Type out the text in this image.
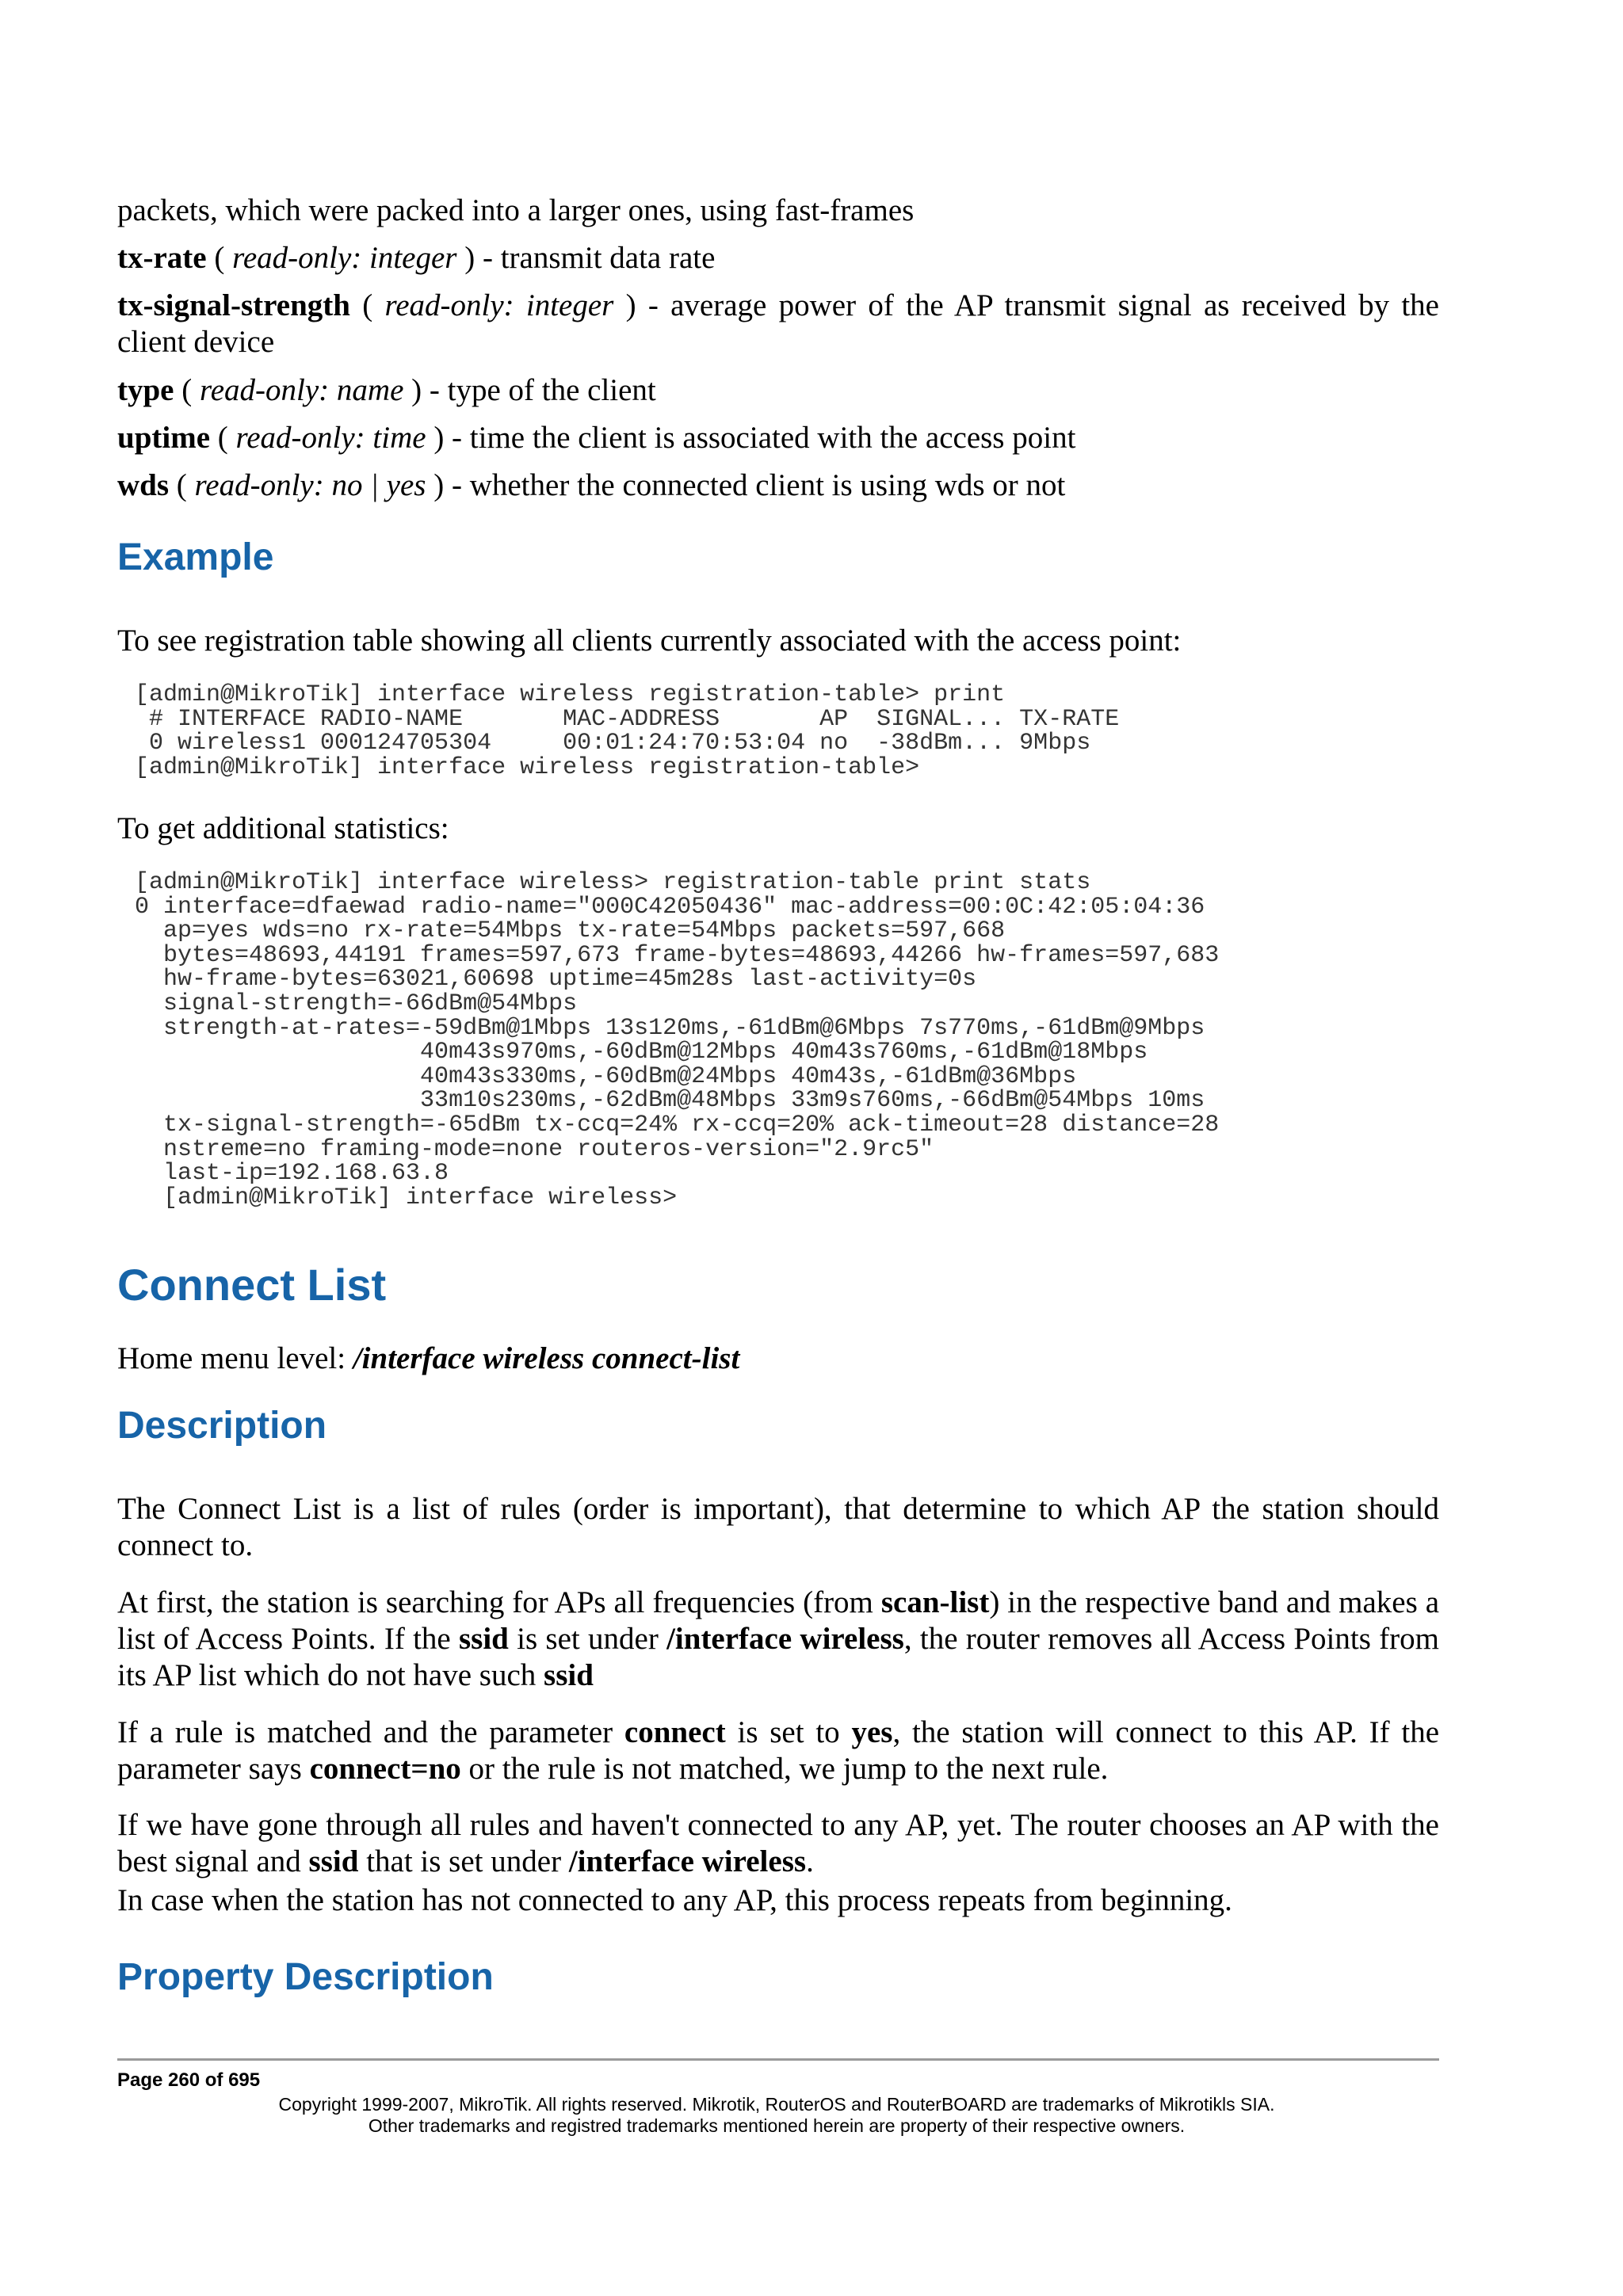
packets, which were packed into a larger ones, using fast-frames

tx-rate ( read-only: integer ) - transmit data rate

tx-signal-strength ( read-only: integer ) - average power of the AP transmit signal as received by the client device

type ( read-only: name ) - type of the client

uptime ( read-only: time ) - time the client is associated with the access point

wds ( read-only: no | yes ) - whether the connected client is using wds or not

Example

To see registration table showing all clients currently associated with the access point:

[admin@MikroTik] interface wireless registration-table> print
# INTERFACE RADIO-NAME       MAC-ADDRESS       AP  SIGNAL... TX-RATE
0 wireless1 000124705304     00:01:24:70:53:04 no  -38dBm... 9Mbps
[admin@MikroTik] interface wireless registration-table>

To get additional statistics:

[admin@MikroTik] interface wireless> registration-table print stats
0 interface=dfaewad radio-name="000C42050436" mac-address=00:0C:42:05:04:36
ap=yes wds=no rx-rate=54Mbps tx-rate=54Mbps packets=597,668
bytes=48693,44191 frames=597,673 frame-bytes=48693,44266 hw-frames=597,683
hw-frame-bytes=63021,60698 uptime=45m28s last-activity=0s
signal-strength=-66dBm@54Mbps
strength-at-rates=-59dBm@1Mbps 13s120ms,-61dBm@6Mbps 7s770ms,-61dBm@9Mbps
40m43s970ms,-60dBm@12Mbps 40m43s760ms,-61dBm@18Mbps
40m43s330ms,-60dBm@24Mbps 40m43s,-61dBm@36Mbps
33m10s230ms,-62dBm@48Mbps 33m9s760ms,-66dBm@54Mbps 10ms
tx-signal-strength=-65dBm tx-ccq=24% rx-ccq=20% ack-timeout=28 distance=28
nstreme=no framing-mode=none routeros-version="2.9rc5"
last-ip=192.168.63.8
[admin@MikroTik] interface wireless>
Connect List

Home menu level: /interface wireless connect-list

Description

The Connect List is a list of rules (order is important), that determine to which AP the station should connect to.

At first, the station is searching for APs all frequencies (from scan-list) in the respective band and makes a list of Access Points. If the ssid is set under /interface wireless, the router removes all Access Points from its AP list which do not have such ssid

If a rule is matched and the parameter connect is set to yes, the station will connect to this AP. If the parameter says connect=no or the rule is not matched, we jump to the next rule.

If we have gone through all rules and haven't connected to any AP, yet. The router chooses an AP with the best signal and ssid that is set under /interface wireless.

In case when the station has not connected to any AP, this process repeats from beginning.

Property Description
Page 260 of 695
Copyright 1999-2007, MikroTik. All rights reserved. Mikrotik, RouterOS and RouterBOARD are trademarks of Mikrotikls SIA.
Other trademarks and registred trademarks mentioned herein are property of their respective owners.
